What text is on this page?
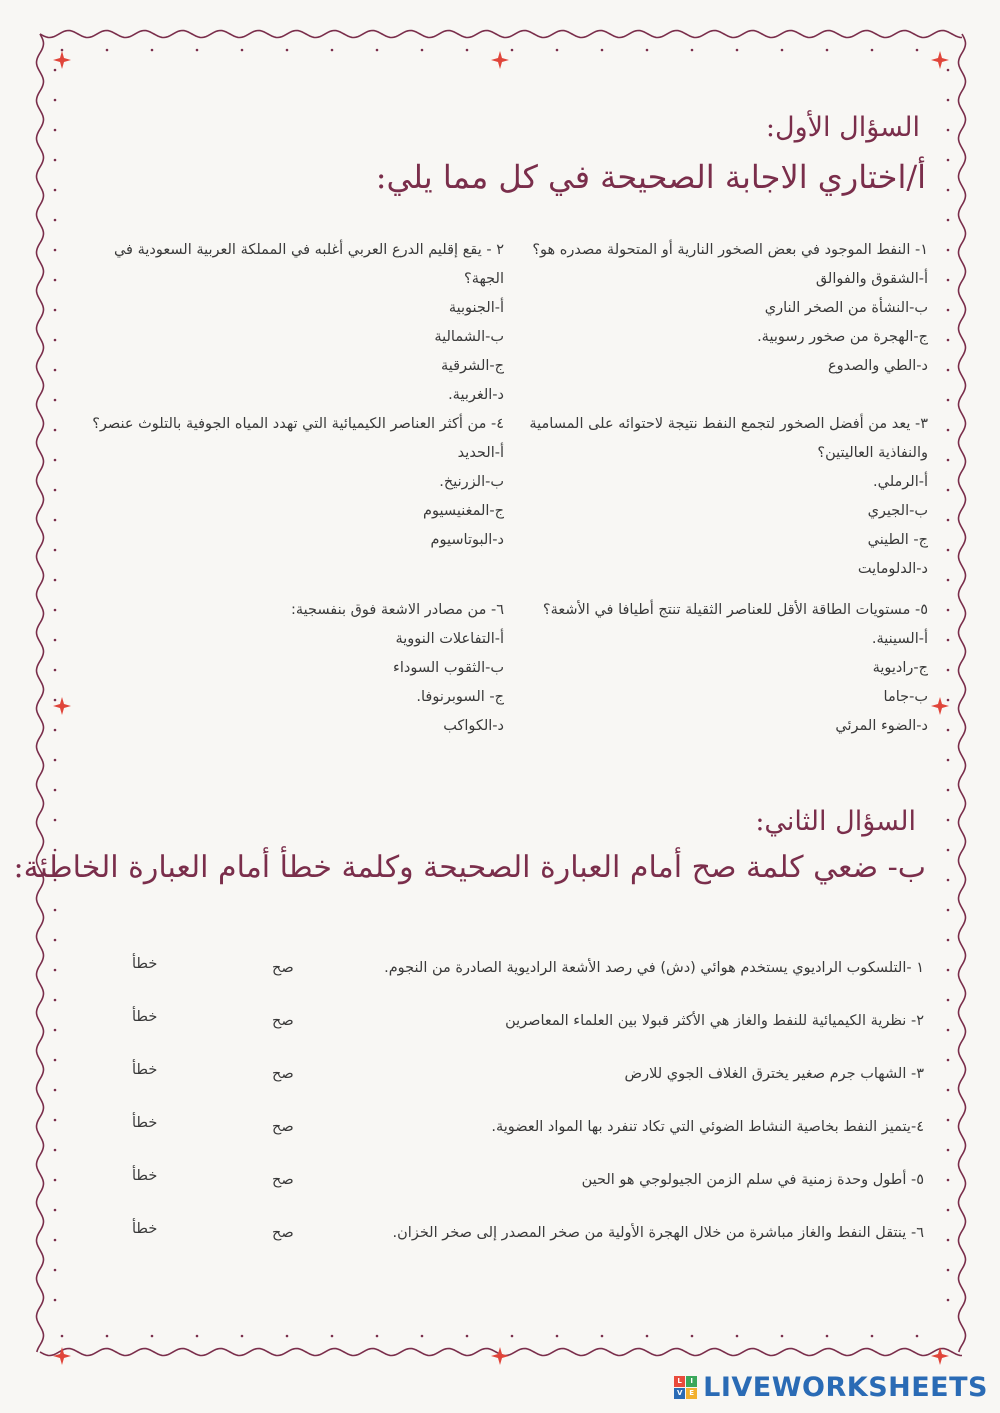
السؤال الأول:
أ/اختاري الاجابة الصحيحة في كل مما يلي:
١- النفط الموجود في بعض الصخور النارية أو المتحولة مصدره هو؟
أ-الشقوق والفوالق
ب-النشأة من الصخر الناري
ج-الهجرة من صخور رسوبية.
د-الطي والصدوع
٢ - يقع إقليم الدرع العربي أغلبه في المملكة العربية السعودية في الجهة؟
أ-الجنوبية
ب-الشمالية
ج-الشرقية
د-الغربية.
٣- يعد من أفضل الصخور لتجمع النفط نتيجة لاحتوائه على المسامية والنفاذية العاليتين؟
أ-الرملي.
ب-الجيري
ج- الطيني
د-الدلومايت
٤- من أكثر العناصر الكيميائية التي تهدد المياه الجوفية بالتلوث عنصر؟
أ-الحديد
ب-الزرنيخ.
ج-المغنيسيوم
د-البوتاسيوم
٥- مستويات الطاقة الأقل للعناصر الثقيلة تنتج أطيافا في الأشعة؟
أ-السينية.
ج-راديوية
ب-جاما
د-الضوء المرئي
٦- من مصادر الاشعة فوق بنفسجية:
أ-التفاعلات النووية
ب-الثقوب السوداء
ج- السوبرنوفا.
د-الكواكب
السؤال الثاني:
ب- ضعي كلمة صح أمام العبارة الصحيحة وكلمة خطأ أمام العبارة الخاطئة:
١ -التلسكوب الراديوي يستخدم هوائي (دش) في رصد الأشعة الراديوية الصادرة من النجوم.
صح
خطأ
٢- نظرية الكيميائية للنفط والغاز هي الأكثر قبولا بين العلماء المعاصرين
صح
خطأ
٣- الشهاب جرم صغير يخترق الغلاف الجوي للارض
صح
خطأ
٤-يتميز النفط بخاصية النشاط الضوئي التي تكاد تنفرد بها المواد العضوية.
صح
خطأ
٥- أطول وحدة زمنية في سلم الزمن الجيولوجي هو الحين
صح
خطأ
٦- ينتقل النفط والغاز مباشرة من خلال الهجرة الأولية من صخر المصدر إلى صخر الخزان.
صح
خطأ
L	I
V E LIVEWORKSHEETS
